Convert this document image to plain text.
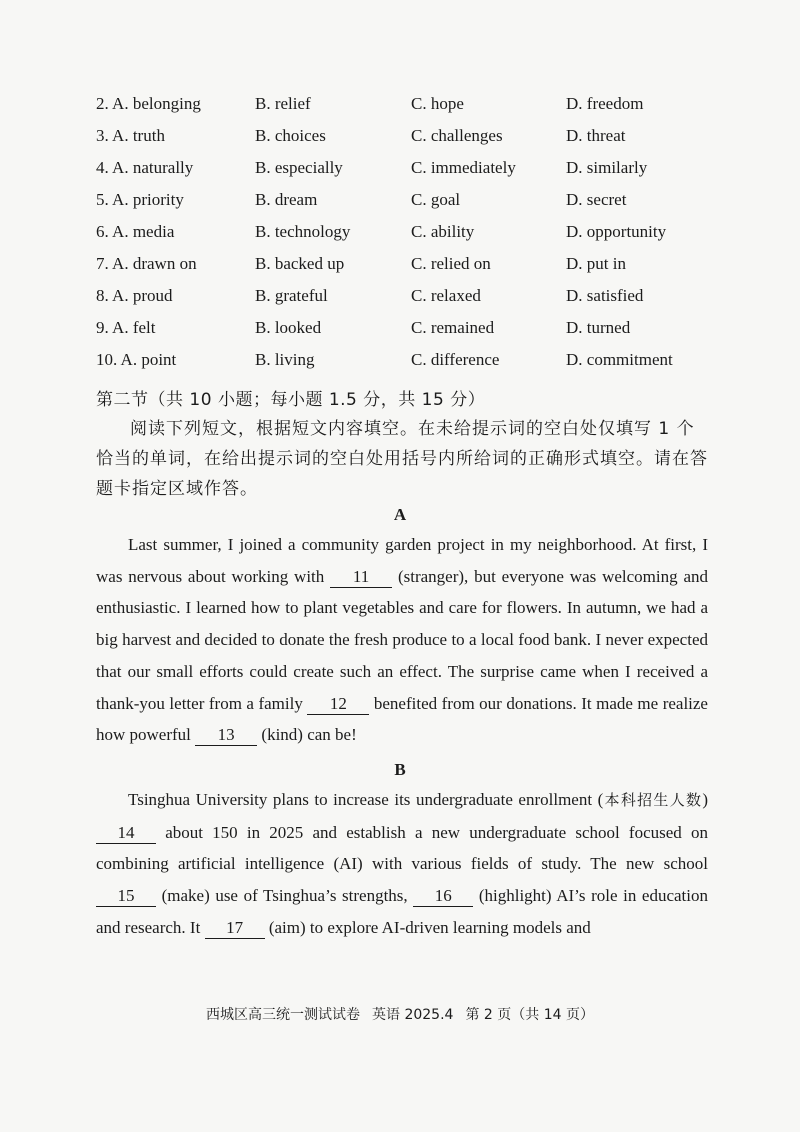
2. A. belonging	B. relief	C. hope	D. freedom
3. A. truth	B. choices	C. challenges	D. threat
4. A. naturally	B. especially	C. immediately	D. similarly
5. A. priority	B. dream	C. goal	D. secret
6. A. media	B. technology	C. ability	D. opportunity
7. A. drawn on	B. backed up	C. relied on	D. put in
8. A. proud	B. grateful	C. relaxed	D. satisfied
9. A. felt	B. looked	C. remained	D. turned
10. A. point	B. living	C. difference	D. commitment
第二节（共 10 小题；每小题 1.5 分，共 15 分）
阅读下列短文，根据短文内容填空。在未给提示词的空白处仅填写 1 个恰当的单词，在给出提示词的空白处用括号内所给词的正确形式填空。请在答题卡指定区域作答。
A
Last summer, I joined a community garden project in my neighborhood. At first, I was nervous about working with 11 (stranger), but everyone was welcoming and enthusiastic. I learned how to plant vegetables and care for flowers. In autumn, we had a big harvest and decided to donate the fresh produce to a local food bank. I never expected that our small efforts could create such an effect. The surprise came when I received a thank-you letter from a family 12 benefited from our donations. It made me realize how powerful 13 (kind) can be!
B
Tsinghua University plans to increase its undergraduate enrollment (本科招生人数) 14 about 150 in 2025 and establish a new undergraduate school focused on combining artificial intelligence (AI) with various fields of study. The new school 15 (make) use of Tsinghua’s strengths, 16 (highlight) AI’s role in education and research. It 17 (aim) to explore AI-driven learning models and
西城区高三统一测试试卷 英语 2025.4 第 2 页（共 14 页）
